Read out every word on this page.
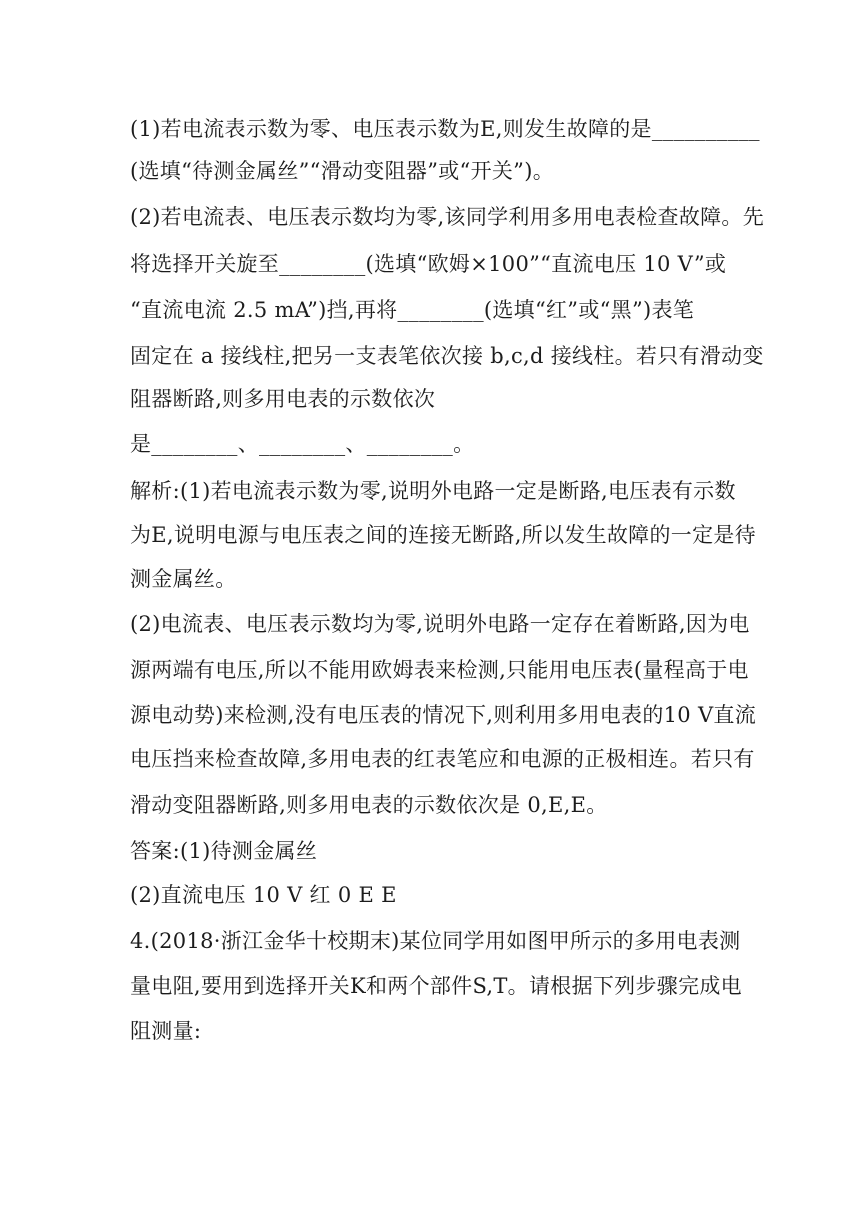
(1)若电流表示数为零、电压表示数为E,则发生故障的是__________
(选填“待测金属丝”“滑动变阻器”或“开关”)。
(2)若电流表、电压表示数均为零,该同学利用多用电表检查故障。先
将选择开关旋至________(选填“欧姆×100”“直流电压 10 V”或
“直流电流 2.5 mA”)挡,再将________(选填“红”或“黑”)表笔
固定在 a 接线柱,把另一支表笔依次接 b,c,d 接线柱。若只有滑动变
阻器断路,则多用电表的示数依次
是________、________、________。
解析:(1)若电流表示数为零,说明外电路一定是断路,电压表有示数
为E,说明电源与电压表之间的连接无断路,所以发生故障的一定是待
测金属丝。
(2)电流表、电压表示数均为零,说明外电路一定存在着断路,因为电
源两端有电压,所以不能用欧姆表来检测,只能用电压表(量程高于电
源电动势)来检测,没有电压表的情况下,则利用多用电表的10 V直流
电压挡来检查故障,多用电表的红表笔应和电源的正极相连。若只有
滑动变阻器断路,则多用电表的示数依次是 0,E,E。
答案:(1)待测金属丝
(2)直流电压 10 V 红 0 E E
4.(2018·浙江金华十校期末)某位同学用如图甲所示的多用电表测
量电阻,要用到选择开关K和两个部件S,T。请根据下列步骤完成电
阻测量:
